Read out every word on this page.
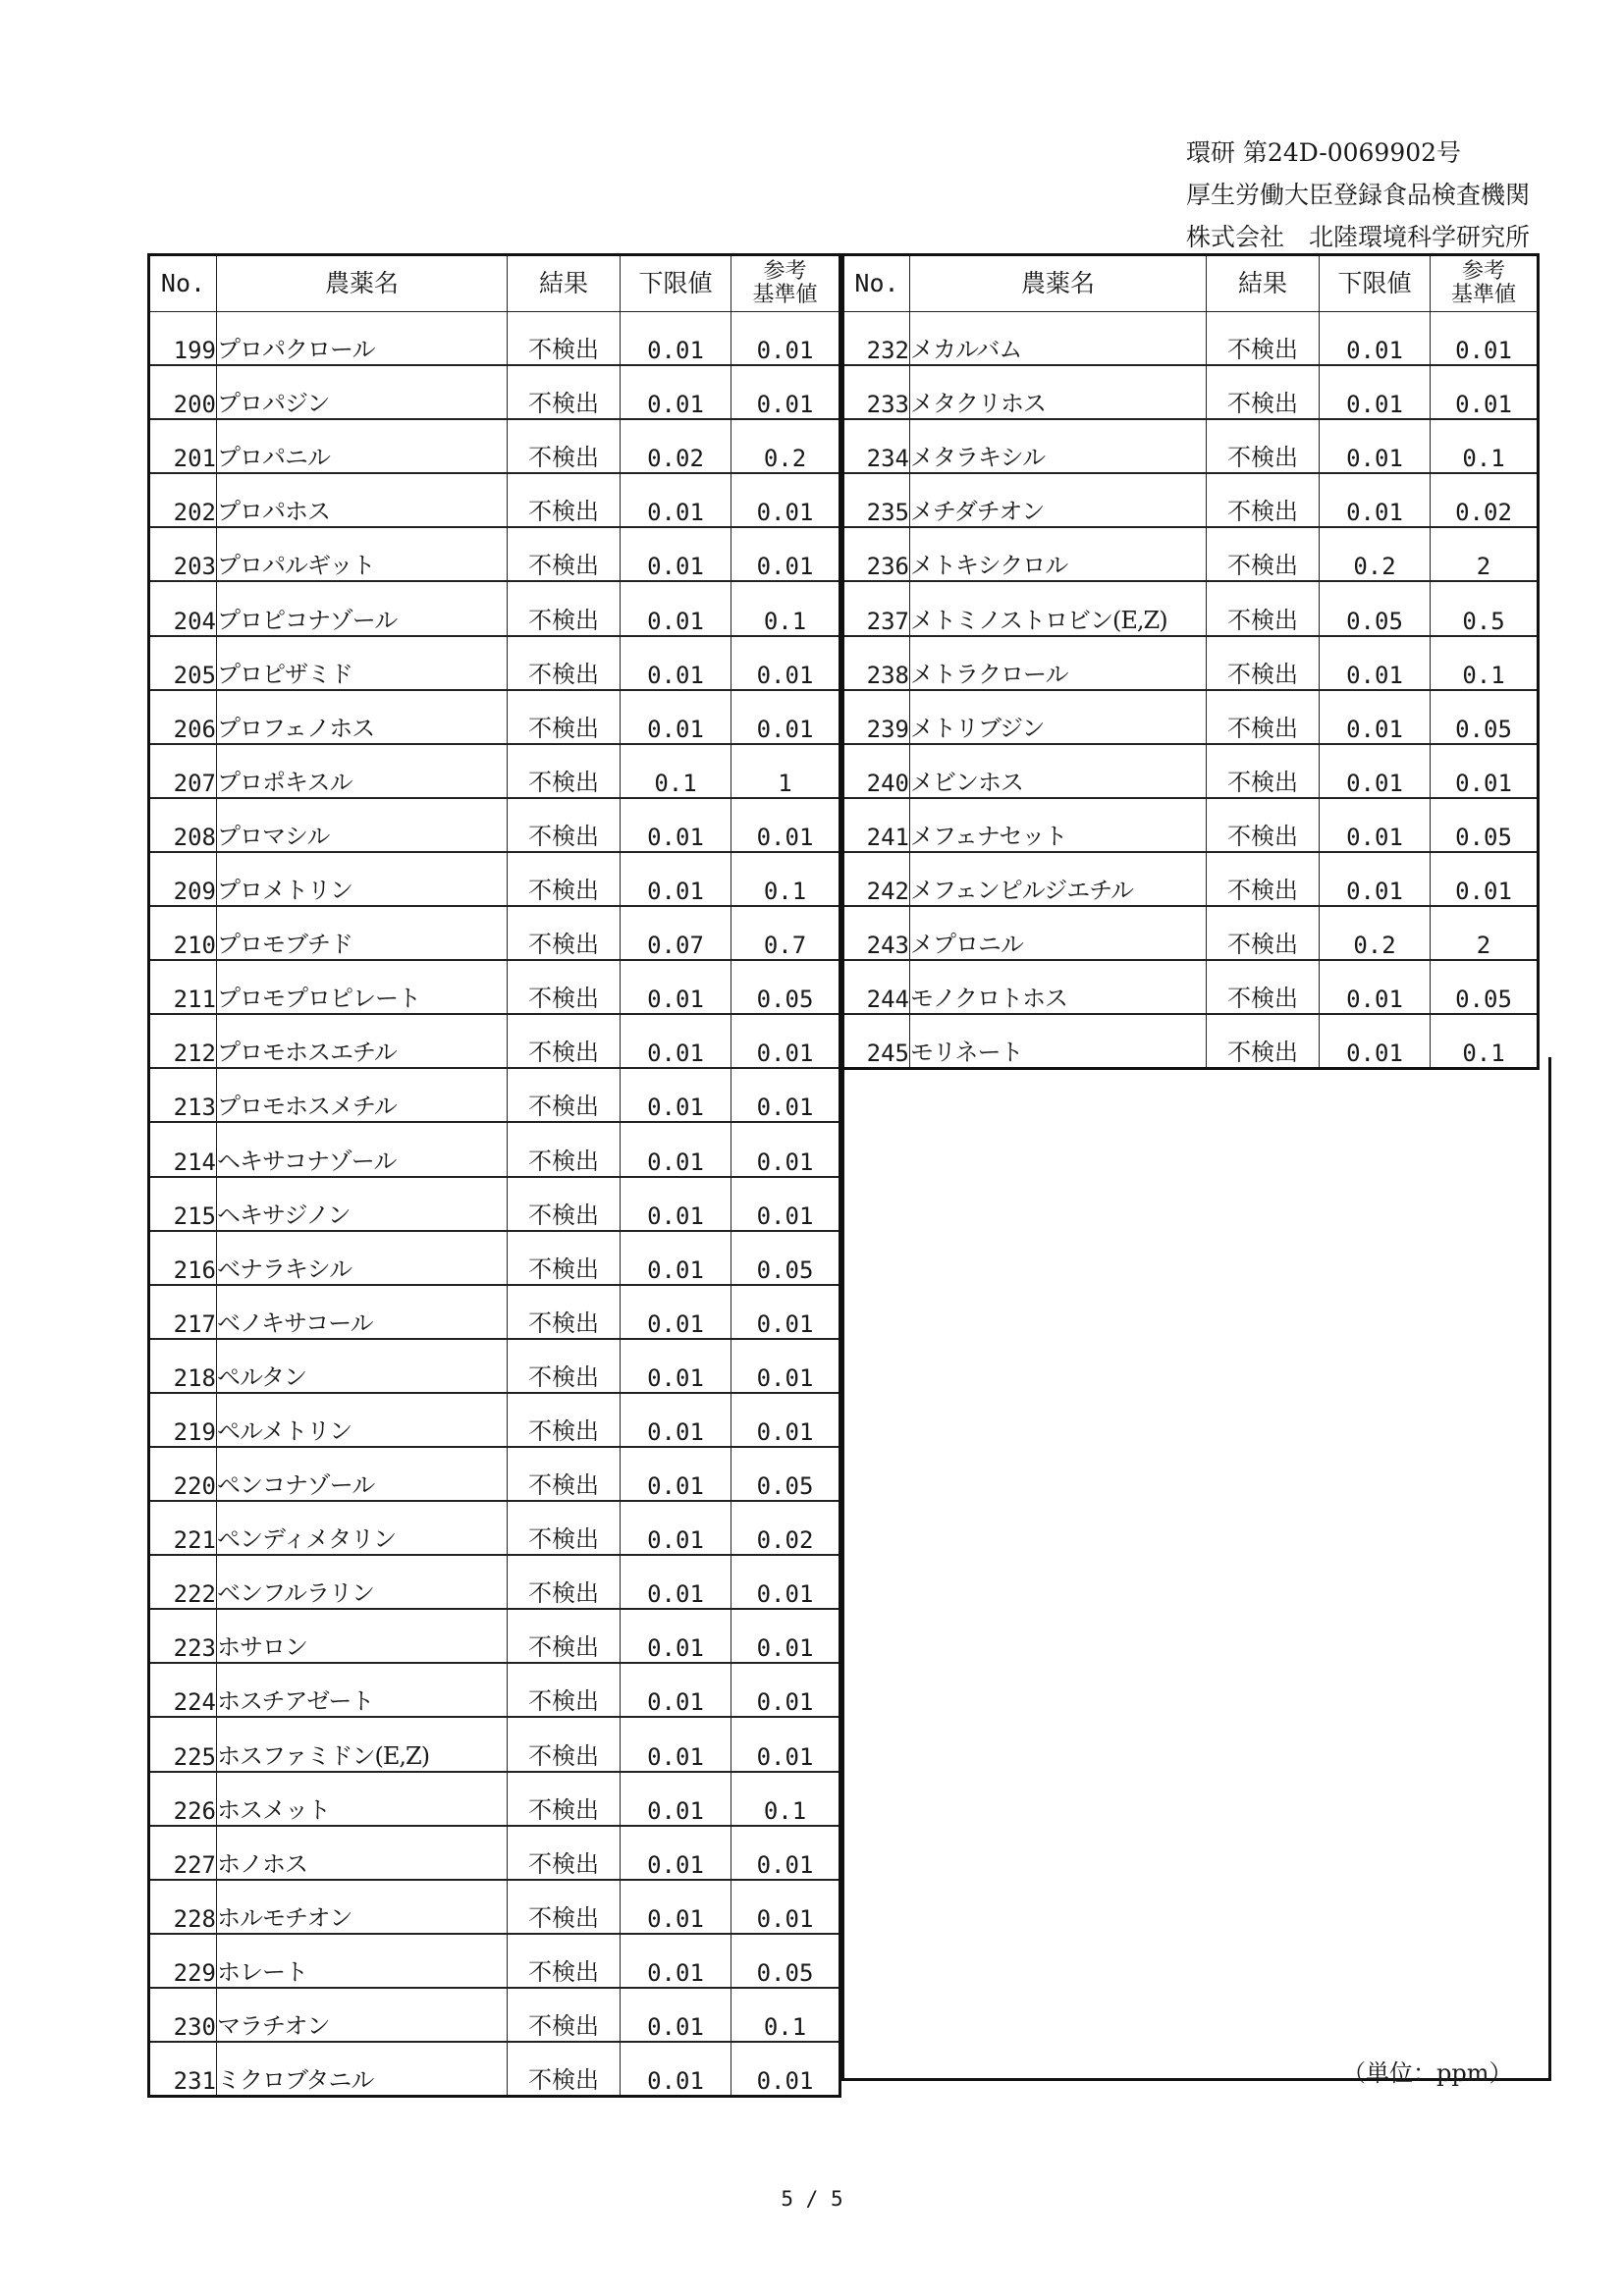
環研 第24D-0069902号
厚生労働大臣登録食品検査機関
株式会社　北陸環境科学研究所
No.	農薬名	結果	下限値	参考
基準値
199	プロパクロール	不検出	0.01	0.01
200	プロパジン	不検出	0.01	0.01
201	プロパニル	不検出	0.02	0.2
202	プロパホス	不検出	0.01	0.01
203	プロパルギット	不検出	0.01	0.01
204	プロピコナゾール	不検出	0.01	0.1
205	プロピザミド	不検出	0.01	0.01
206	プロフェノホス	不検出	0.01	0.01
207	プロポキスル	不検出	0.1	1
208	プロマシル	不検出	0.01	0.01
209	プロメトリン	不検出	0.01	0.1
210	プロモブチド	不検出	0.07	0.7
211	プロモプロピレート	不検出	0.01	0.05
212	プロモホスエチル	不検出	0.01	0.01
213	プロモホスメチル	不検出	0.01	0.01
214	ヘキサコナゾール	不検出	0.01	0.01
215	ヘキサジノン	不検出	0.01	0.01
216	ベナラキシル	不検出	0.01	0.05
217	ベノキサコール	不検出	0.01	0.01
218	ペルタン	不検出	0.01	0.01
219	ペルメトリン	不検出	0.01	0.01
220	ペンコナゾール	不検出	0.01	0.05
221	ペンディメタリン	不検出	0.01	0.02
222	ベンフルラリン	不検出	0.01	0.01
223	ホサロン	不検出	0.01	0.01
224	ホスチアゼート	不検出	0.01	0.01
225	ホスファミドン(E,Z)	不検出	0.01	0.01
226	ホスメット	不検出	0.01	0.1
227	ホノホス	不検出	0.01	0.01
228	ホルモチオン	不検出	0.01	0.01
229	ホレート	不検出	0.01	0.05
230	マラチオン	不検出	0.01	0.1
231	ミクロブタニル	不検出	0.01	0.01
No.	農薬名	結果	下限値	参考
基準値
232	メカルバム	不検出	0.01	0.01
233	メタクリホス	不検出	0.01	0.01
234	メタラキシル	不検出	0.01	0.1
235	メチダチオン	不検出	0.01	0.02
236	メトキシクロル	不検出	0.2	2
237	メトミノストロビン(E,Z)	不検出	0.05	0.5
238	メトラクロール	不検出	0.01	0.1
239	メトリブジン	不検出	0.01	0.05
240	メビンホス	不検出	0.01	0.01
241	メフェナセット	不検出	0.01	0.05
242	メフェンピルジエチル	不検出	0.01	0.01
243	メプロニル	不検出	0.2	2
244	モノクロトホス	不検出	0.01	0.05
245	モリネート	不検出	0.01	0.1
（単位：ppm）
5 / 5
